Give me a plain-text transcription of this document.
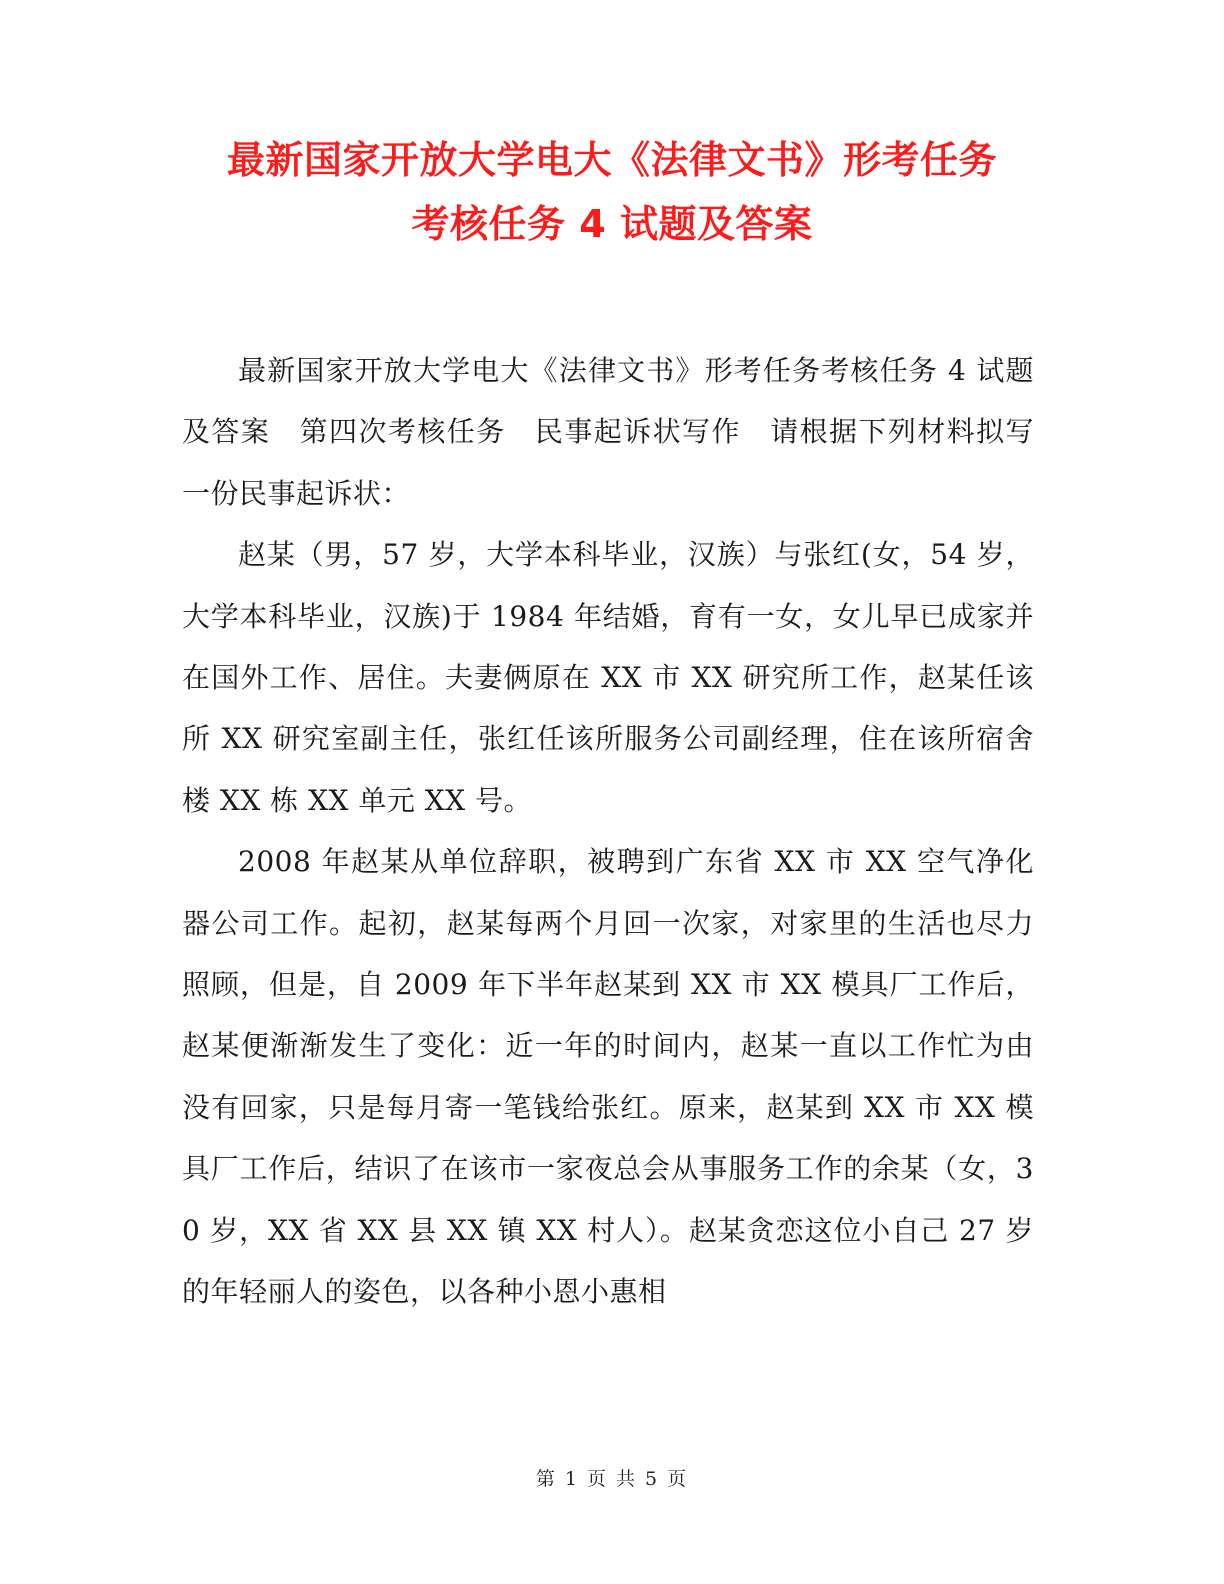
最新国家开放大学电大《法律文书》形考任务
考核任务 4 试题及答案

最新国家开放大学电大《法律文书》形考任务考核任务 4 试题及答案　第四次考核任务　民事起诉状写作　请根据下列材料拟写一份民事起诉状：

赵某（男，57 岁，大学本科毕业，汉族）与张红(女，54 岁，大学本科毕业，汉族)于 1984 年结婚，育有一女，女儿早已成家并在国外工作、居住。夫妻俩原在 XX 市 XX 研究所工作，赵某任该所 XX 研究室副主任，张红任该所服务公司副经理，住在该所宿舍楼 XX 栋 XX 单元 XX 号。

2008 年赵某从单位辞职，被聘到广东省 XX 市 XX 空气净化器公司工作。起初，赵某每两个月回一次家，对家里的生活也尽力照顾，但是，自 2009 年下半年赵某到 XX 市 XX 模具厂工作后，赵某便渐渐发生了变化：近一年的时间内，赵某一直以工作忙为由没有回家，只是每月寄一笔钱给张红。原来，赵某到 XX 市 XX 模具厂工作后，结识了在该市一家夜总会从事服务工作的余某（女，30 岁，XX 省 XX 县 XX 镇 XX 村人）。赵某贪恋这位小自己 27 岁的年轻丽人的姿色，以各种小恩小惠相

第 1 页 共 5 页
